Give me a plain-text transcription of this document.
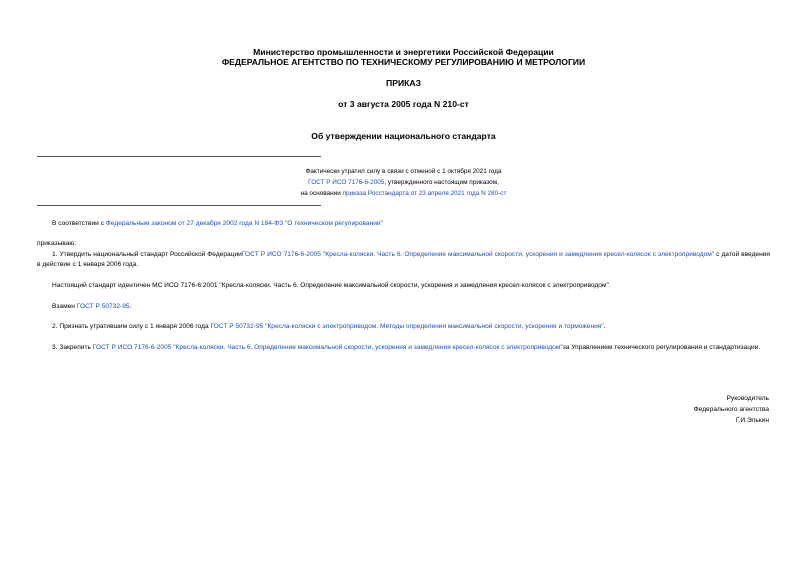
Министерство промышленности и энергетики Российской Федерации
ФЕДЕРАЛЬНОЕ АГЕНТСТВО ПО ТЕХНИЧЕСКОМУ РЕГУЛИРОВАНИЮ И МЕТРОЛОГИИ
ПРИКАЗ
от 3 августа 2005 года N 210-ст
Об утверждении национального стандарта
Фактически утратил силу в связи с отменой с 1 октября 2021 года
ГОСТ Р ИСО 7176-6-2005, утвержденного настоящим приказом,
на основании приказа Росстандарта от 23 апреля 2021 года N 280-ст
В соответствии с Федеральным законом от 27 декабря 2002 года N 184-ФЗ "О техническом регулировании"
приказываю:
1. Утвердить национальный стандарт Российской ФедерацииГОСТ Р ИСО 7176-6-2005 "Кресла-коляски. Часть 6. Определение максимальной скорости, ускорения и замедления кресел-колясок с электроприводом" с датой введения в действие с 1 января 2006 года.
Настоящий стандарт идентичен МС ИСО 7176-6:2001 "Кресла-коляски. Часть 6. Определение максимальной скорости, ускорения и замедления кресел-колясок с электроприводом".
Взамен ГОСТ Р 50732-95.
2. Признать утратившим силу с 1 января 2006 года ГОСТ Р 50732-95 "Кресла-коляски с электроприводом. Методы определения максимальной скорости, ускорения и торможения".
3. Закрепить ГОСТ Р ИСО 7176-6-2005 "Кресла-коляски. Часть 6. Определение максимальной скорости, ускорения и замедления кресел-колясок с электроприводом"за Управлением технического регулирования и стандартизации.
Руководитель
Федерального агентства
Г.И.Элькин
